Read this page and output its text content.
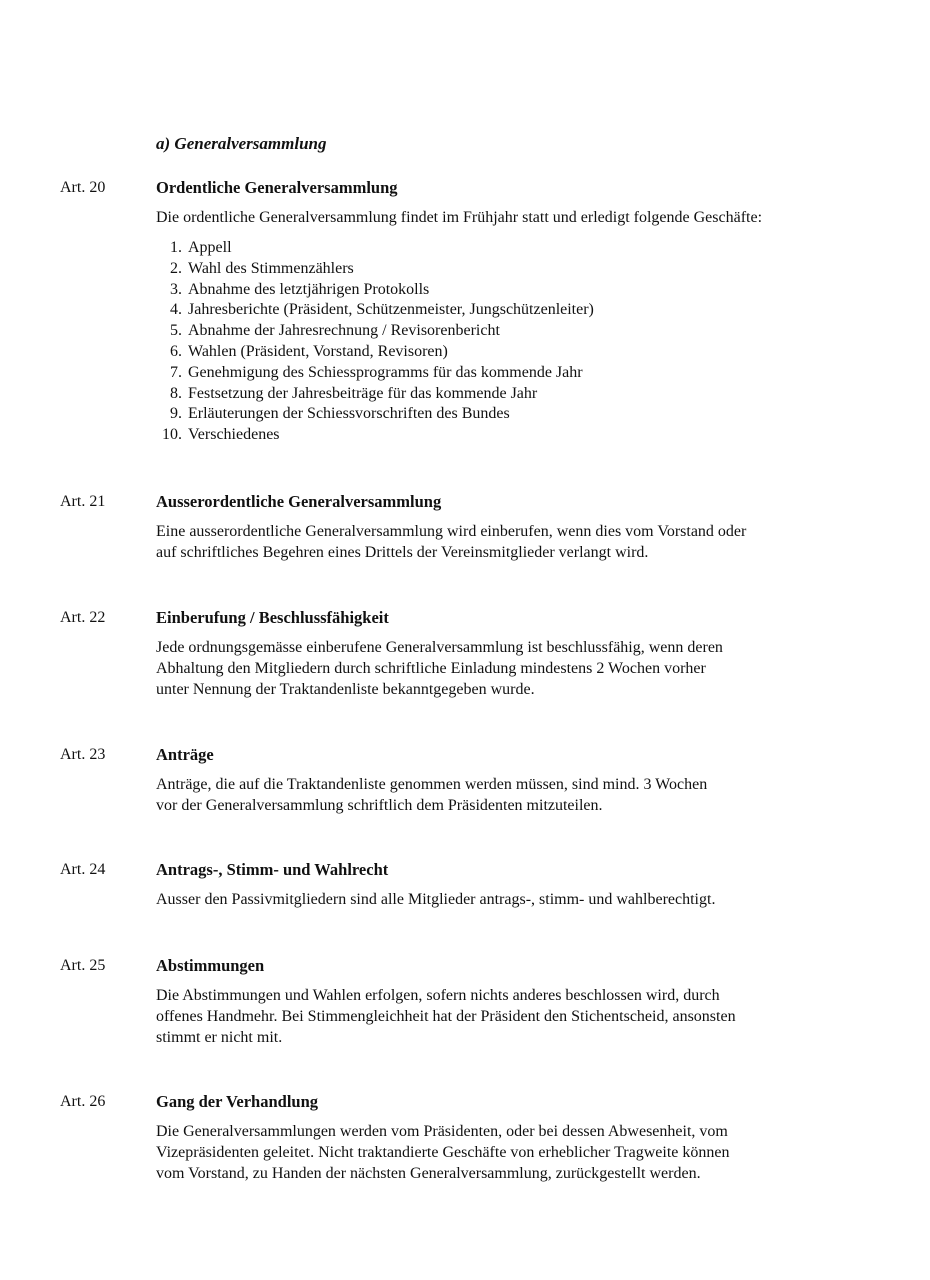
a) Generalversammlung
Art. 20	Ordentliche Generalversammlung

Die ordentliche Generalversammlung findet im Frühjahr statt und erledigt folgende Geschäfte:

1. Appell
2. Wahl des Stimmenzählers
3. Abnahme des letztjährigen Protokolls
4. Jahresberichte (Präsident, Schützenmeister, Jungschützenleiter)
5. Abnahme der Jahresrechnung / Revisorenbericht
6. Wahlen (Präsident, Vorstand, Revisoren)
7. Genehmigung des Schiessprogramms für das kommende Jahr
8. Festsetzung der Jahresbeiträge für das kommende Jahr
9. Erläuterungen der Schiessvorschriften des Bundes
10. Verschiedenes
Art. 21	Ausserordentliche Generalversammlung

Eine ausserordentliche Generalversammlung wird einberufen, wenn dies vom Vorstand oder
auf schriftliches Begehren eines Drittels der Vereinsmitglieder verlangt wird.

Art. 22	Einberufung / Beschlussfähigkeit

Jede ordnungsgemässe einberufene Generalversammlung ist beschlussfähig, wenn deren
Abhaltung den Mitgliedern durch schriftliche Einladung mindestens 2 Wochen vorher
unter Nennung der Traktandenliste bekanntgegeben wurde.

Art. 23	Anträge

Anträge, die auf die Traktandenliste genommen werden müssen, sind mind. 3 Wochen
vor der Generalversammlung schriftlich dem Präsidenten mitzuteilen.

Art. 24	Antrags-, Stimm- und Wahlrecht

Ausser den Passivmitgliedern sind alle Mitglieder antrags-, stimm- und wahlberechtigt.

Art. 25	Abstimmungen

Die Abstimmungen und Wahlen erfolgen, sofern nichts anderes beschlossen wird, durch
offenes Handmehr. Bei Stimmengleichheit hat der Präsident den Stichentscheid, ansonsten
stimmt er nicht mit.

Art. 26	Gang der Verhandlung

Die Generalversammlungen werden vom Präsidenten, oder bei dessen Abwesenheit, vom
Vizepräsidenten geleitet. Nicht traktandierte Geschäfte von erheblicher Tragweite können
vom Vorstand, zu Handen der nächsten Generalversammlung, zurückgestellt werden.
